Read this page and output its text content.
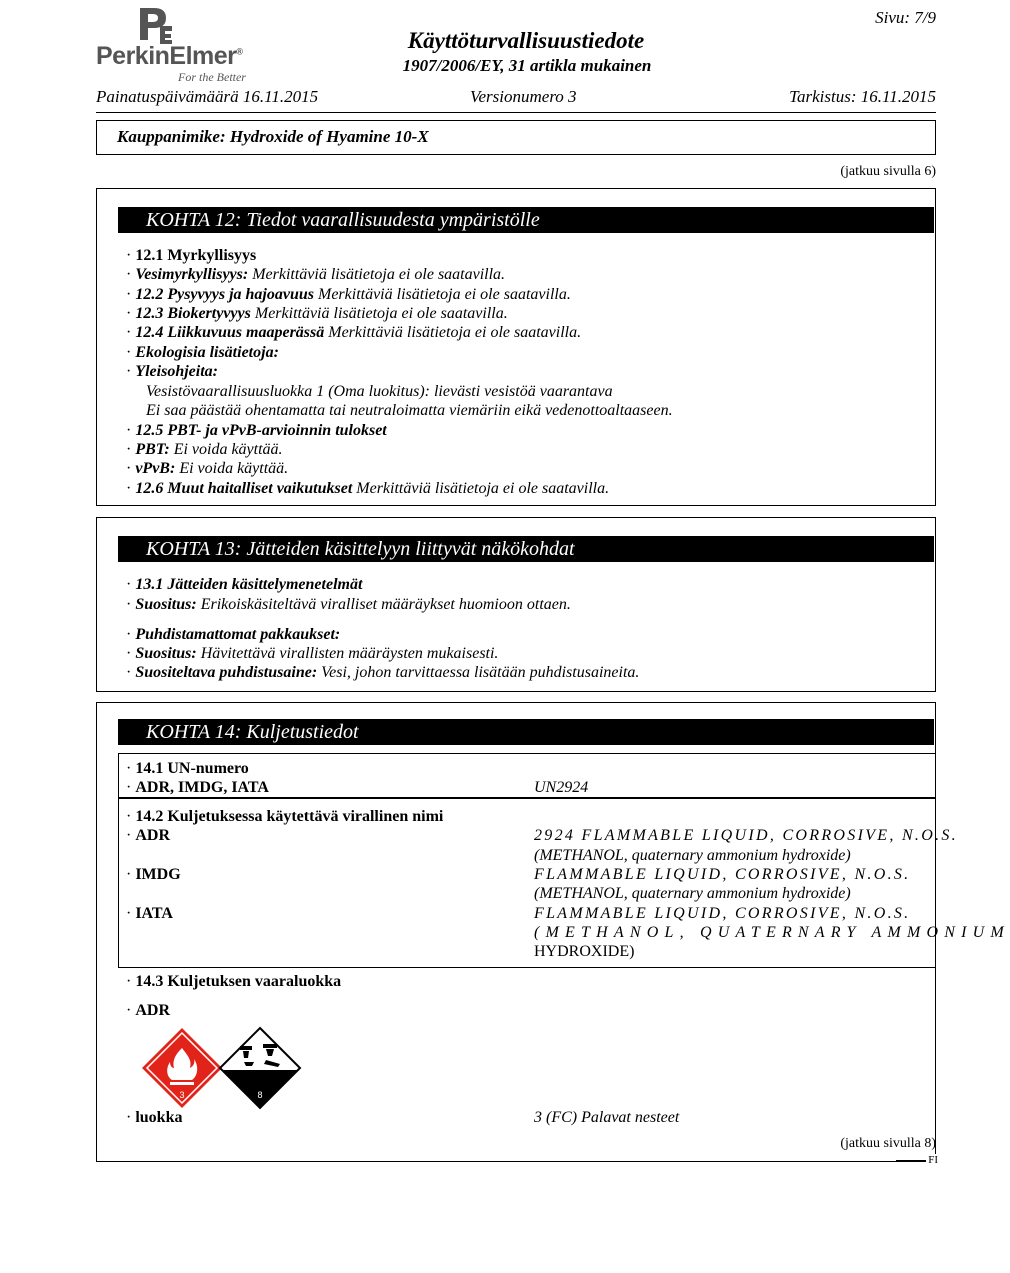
PerkinElmer®
For the Better
Käyttöturvallisuustiedote
1907/2006/EY, 31 artikla mukainen
Sivu: 7/9
Painatuspäivämäärä 16.11.2015	Versionumero 3	Tarkistus: 16.11.2015
Kauppanimike: Hydroxide of Hyamine 10-X
(jatkuu sivulla 6)
KOHTA 12: Tiedot vaarallisuudesta ympäristölle
· 12.1 Myrkyllisyys
· Vesimyrkyllisyys: Merkittäviä lisätietoja ei ole saatavilla.
· 12.2 Pysyvyys ja hajoavuus Merkittäviä lisätietoja ei ole saatavilla.
· 12.3 Biokertyvyys Merkittäviä lisätietoja ei ole saatavilla.
· 12.4 Liikkuvuus maaperässä Merkittäviä lisätietoja ei ole saatavilla.
· Ekologisia lisätietoja:
· Yleisohjeita:
Vesistövaarallisuusluokka 1 (Oma luokitus): lievästi vesistöä vaarantava
Ei saa päästää ohentamatta tai neutraloimatta viemäriin eikä vedenottoaltaaseen.
· 12.5 PBT- ja vPvB-arvioinnin tulokset
· PBT: Ei voida käyttää.
· vPvB: Ei voida käyttää.
· 12.6 Muut haitalliset vaikutukset Merkittäviä lisätietoja ei ole saatavilla.
KOHTA 13: Jätteiden käsittelyyn liittyvät näkökohdat
· 13.1 Jätteiden käsittelymenetelmät
· Suositus: Erikoiskäsiteltävä viralliset määräykset huomioon ottaen.
· Puhdistamattomat pakkaukset:
· Suositus: Hävitettävä virallisten määräysten mukaisesti.
· Suositeltava puhdistusaine: Vesi, johon tarvittaessa lisätään puhdistusaineita.
KOHTA 14: Kuljetustiedot
· 14.1 UN-numero
· ADR, IMDG, IATA	UN2924
· 14.2 Kuljetuksessa käytettävä virallinen nimi
· ADR	2924 FLAMMABLE LIQUID, CORROSIVE, N.O.S.
(METHANOL, quaternary ammonium hydroxide)
· IMDG	FLAMMABLE LIQUID, CORROSIVE, N.O.S.
(METHANOL, quaternary ammonium hydroxide)
· IATA	FLAMMABLE LIQUID, CORROSIVE, N.O.S.
(METHANOL, QUATERNARY AMMONIUM
HYDROXIDE)
· 14.3 Kuljetuksen vaaraluokka
· ADR
3	8
· luokka	3 (FC) Palavat nesteet
(jatkuu sivulla 8)
FI
